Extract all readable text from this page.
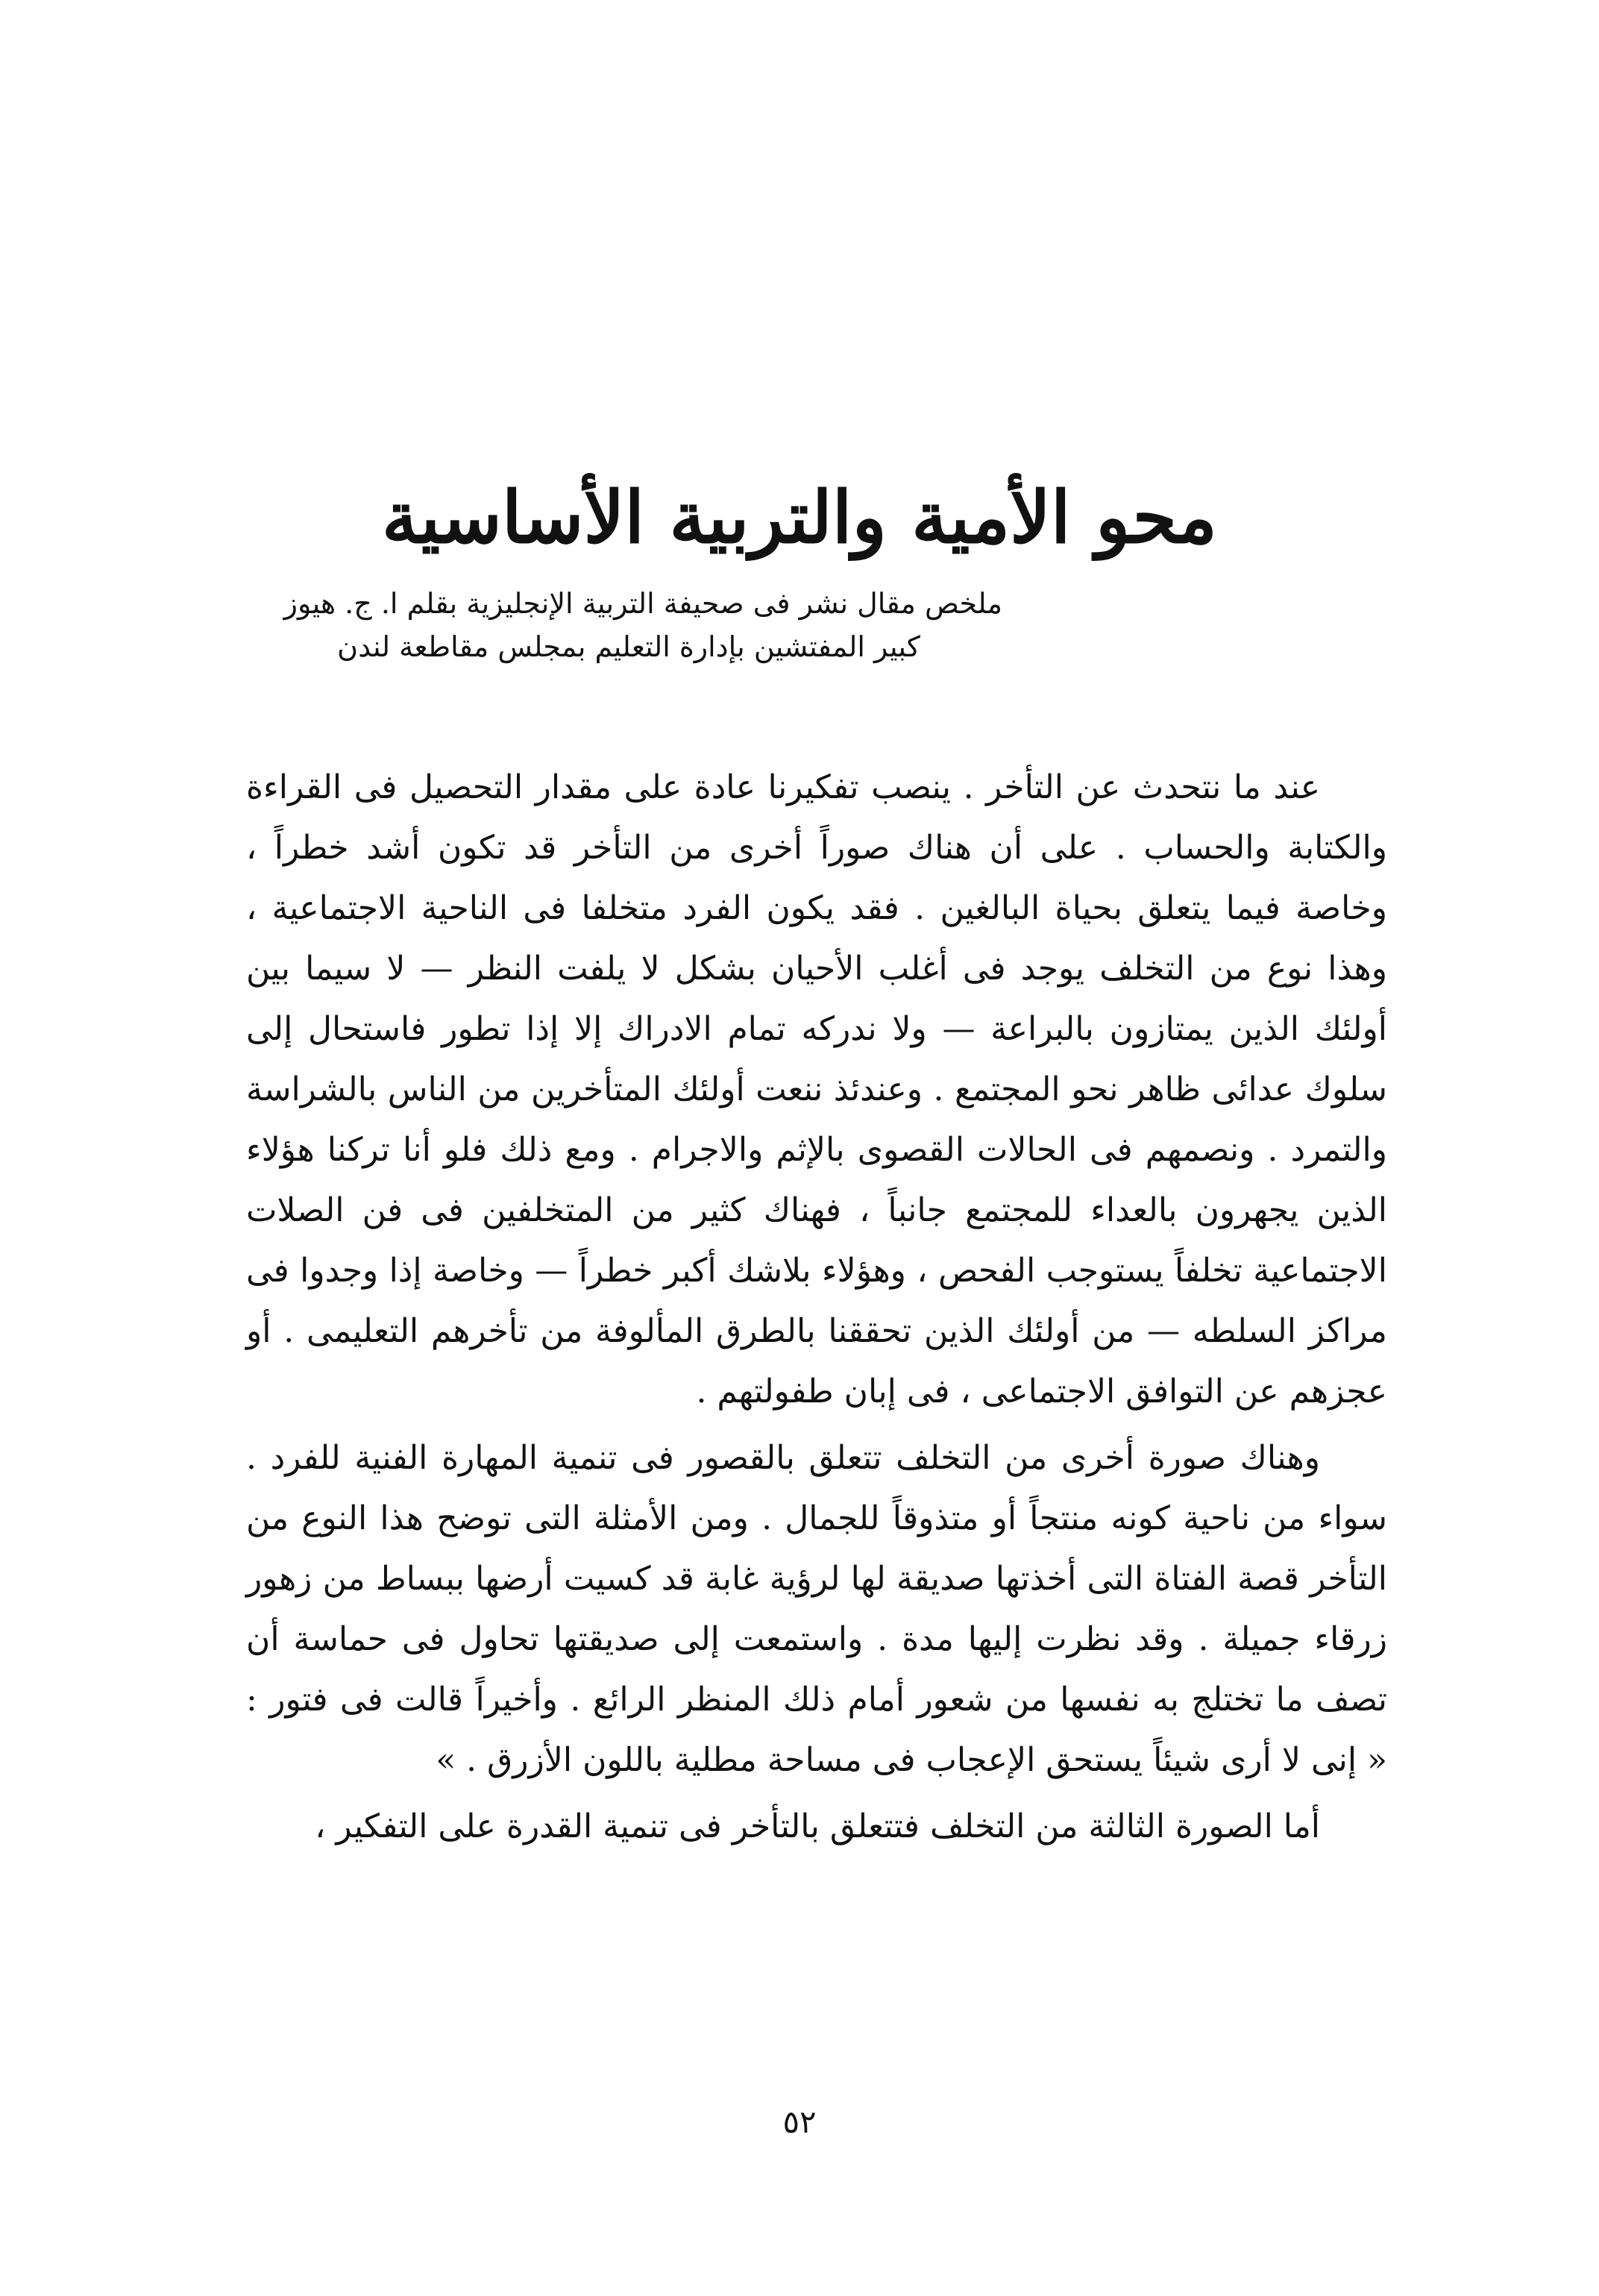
محو الأمية والتربية الأساسية
ملخص مقال نشر فى صحيفة التربية الإنجليزية بقلم ا. ج. هيوز
كبير المفتشين بإدارة التعليم بمجلس مقاطعة لندن

عند ما نتحدث عن التأخر . ينصب تفكيرنا عادة على مقدار التحصيل فى القراءة والكتابة والحساب . على أن هناك صوراً أخرى من التأخر قد تكون أشد خطراً ، وخاصة فيما يتعلق بحياة البالغين . فقد يكون الفرد متخلفا فى الناحية الاجتماعية ، وهذا نوع من التخلف يوجد فى أغلب الأحيان بشكل لا يلفت النظر — لا سيما بين أولئك الذين يمتازون بالبراعة — ولا ندركه تمام الادراك إلا إذا تطور فاستحال إلى سلوك عدائى ظاهر نحو المجتمع . وعندئذ ننعت أولئك المتأخرين من الناس بالشراسة والتمرد . ونصمهم فى الحالات القصوى بالإثم والاجرام . ومع ذلك فلو أنا تركنا هؤلاء الذين يجهرون بالعداء للمجتمع جانباً ، فهناك كثير من المتخلفين فى فن الصلات الاجتماعية تخلفاً يستوجب الفحص ، وهؤلاء بلاشك أكبر خطراً — وخاصة إذا وجدوا فى مراكز السلطه — من أولئك الذين تحققنا بالطرق المألوفة من تأخرهم التعليمى . أو عجزهم عن التوافق الاجتماعى ، فى إبان طفولتهم .

وهناك صورة أخرى من التخلف تتعلق بالقصور فى تنمية المهارة الفنية للفرد . سواء من ناحية كونه منتجاً أو متذوقاً للجمال . ومن الأمثلة التى توضح هذا النوع من التأخر قصة الفتاة التى أخذتها صديقة لها لرؤية غابة قد كسيت أرضها ببساط من زهور زرقاء جميلة . وقد نظرت إليها مدة . واستمعت إلى صديقتها تحاول فى حماسة أن تصف ما تختلج به نفسها من شعور أمام ذلك المنظر الرائع . وأخيراً قالت فى فتور : « إنى لا أرى شيئاً يستحق الإعجاب فى مساحة مطلية باللون الأزرق . »

أما الصورة الثالثة من التخلف فتتعلق بالتأخر فى تنمية القدرة على التفكير ،

٥٢
